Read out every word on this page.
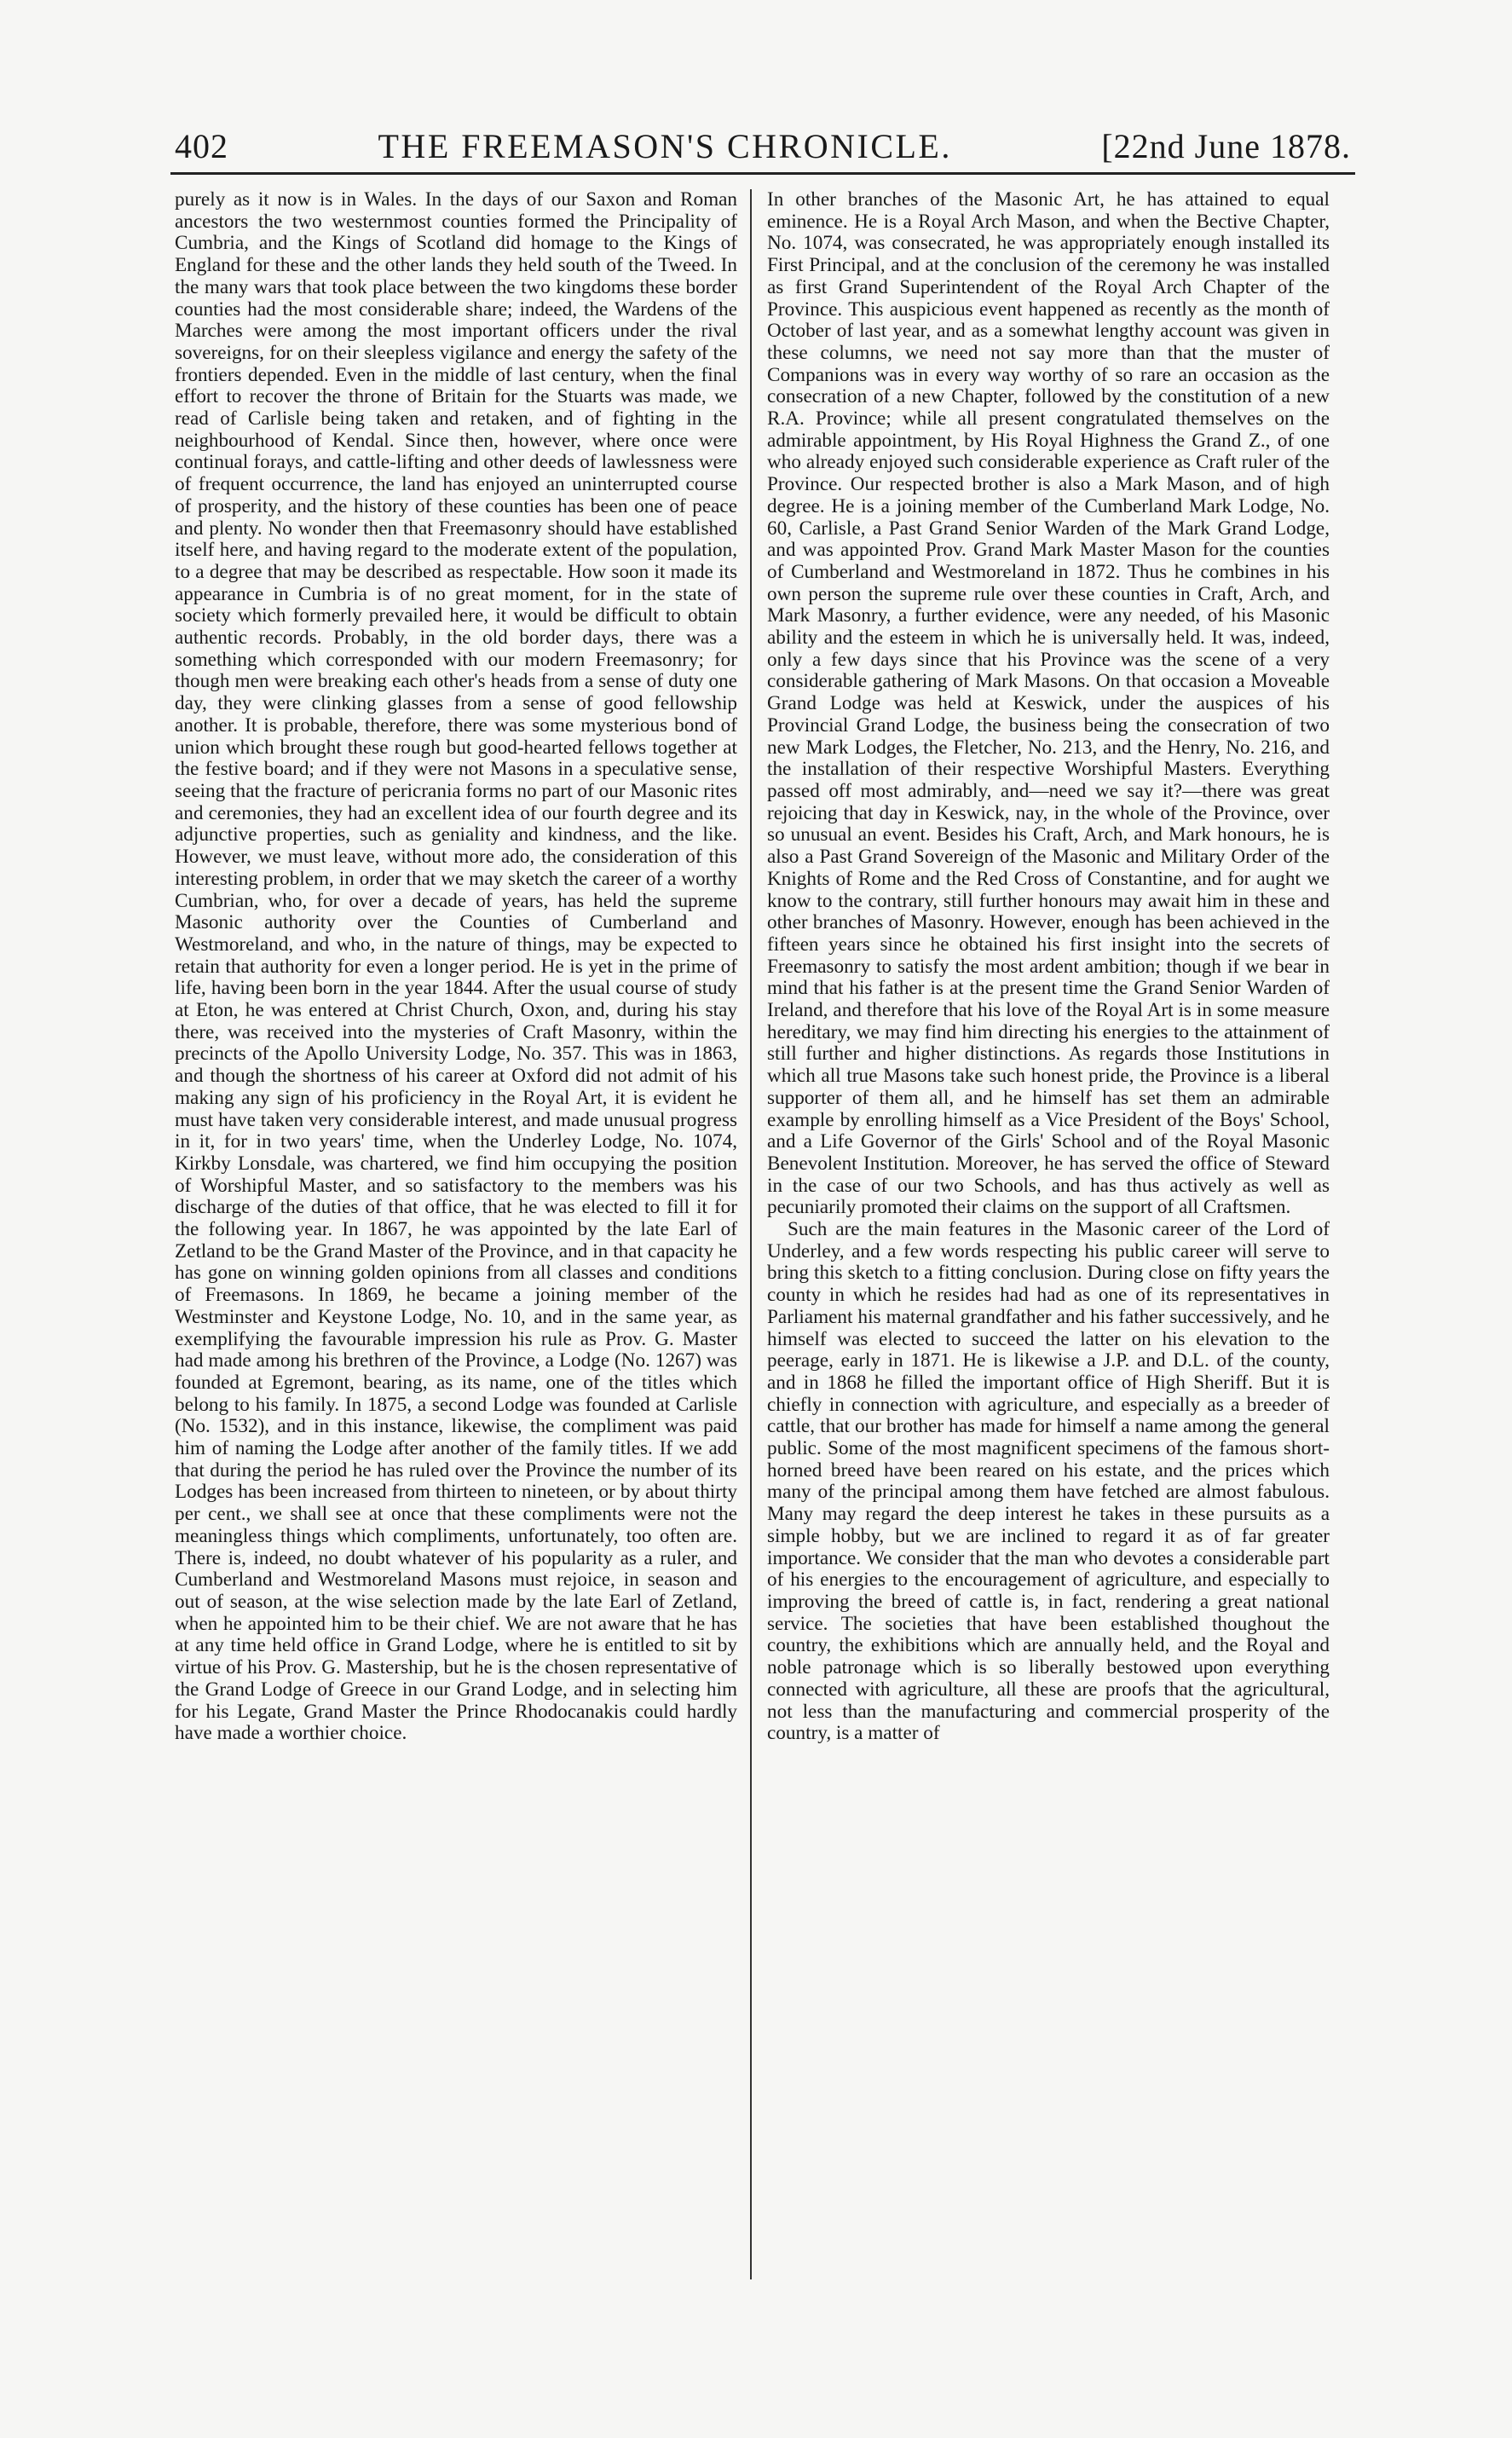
402	THE FREEMASON'S CHRONICLE.	[22nd June 1878.

purely as it now is in Wales. In the days of our Saxon and Roman ancestors the two westernmost counties formed the Principality of Cumbria, and the Kings of Scotland did homage to the Kings of England for these and the other lands they held south of the Tweed. In the many wars that took place between the two kingdoms these border counties had the most considerable share; indeed, the Wardens of the Marches were among the most important officers under the rival sovereigns, for on their sleepless vigilance and energy the safety of the frontiers depended. Even in the middle of last century, when the final effort to recover the throne of Britain for the Stuarts was made, we read of Carlisle being taken and retaken, and of fighting in the neighbourhood of Kendal. Since then, however, where once were continual forays, and cattle-lifting and other deeds of lawlessness were of frequent occurrence, the land has enjoyed an uninterrupted course of prosperity, and the history of these counties has been one of peace and plenty. No wonder then that Freemasonry should have established itself here, and having regard to the moderate extent of the population, to a degree that may be described as respectable. How soon it made its appearance in Cumbria is of no great moment, for in the state of society which formerly prevailed here, it would be difficult to obtain authentic records. Probably, in the old border days, there was a something which corresponded with our modern Freemasonry; for though men were breaking each other's heads from a sense of duty one day, they were clinking glasses from a sense of good fellowship another. It is probable, therefore, there was some mysterious bond of union which brought these rough but good-hearted fellows together at the festive board; and if they were not Masons in a speculative sense, seeing that the fracture of pericrania forms no part of our Masonic rites and ceremonies, they had an excellent idea of our fourth degree and its adjunctive properties, such as geniality and kindness, and the like. However, we must leave, without more ado, the consideration of this interesting problem, in order that we may sketch the career of a worthy Cumbrian, who, for over a decade of years, has held the supreme Masonic authority over the Counties of Cumberland and Westmoreland, and who, in the nature of things, may be expected to retain that authority for even a longer period. He is yet in the prime of life, having been born in the year 1844. After the usual course of study at Eton, he was entered at Christ Church, Oxon, and, during his stay there, was received into the mysteries of Craft Masonry, within the precincts of the Apollo University Lodge, No. 357. This was in 1863, and though the shortness of his career at Oxford did not admit of his making any sign of his proficiency in the Royal Art, it is evident he must have taken very considerable interest, and made unusual progress in it, for in two years' time, when the Underley Lodge, No. 1074, Kirkby Lonsdale, was chartered, we find him occupying the position of Worshipful Master, and so satisfactory to the members was his discharge of the duties of that office, that he was elected to fill it for the following year. In 1867, he was appointed by the late Earl of Zetland to be the Grand Master of the Province, and in that capacity he has gone on winning golden opinions from all classes and conditions of Freemasons. In 1869, he became a joining member of the Westminster and Keystone Lodge, No. 10, and in the same year, as exemplifying the favourable impression his rule as Prov. G. Master had made among his brethren of the Province, a Lodge (No. 1267) was founded at Egremont, bearing, as its name, one of the titles which belong to his family. In 1875, a second Lodge was founded at Carlisle (No. 1532), and in this instance, likewise, the compliment was paid him of naming the Lodge after another of the family titles. If we add that during the period he has ruled over the Province the number of its Lodges has been increased from thirteen to nineteen, or by about thirty per cent., we shall see at once that these compliments were not the meaningless things which compliments, unfortunately, too often are. There is, indeed, no doubt whatever of his popularity as a ruler, and Cumberland and Westmoreland Masons must rejoice, in season and out of season, at the wise selection made by the late Earl of Zetland, when he appointed him to be their chief. We are not aware that he has at any time held office in Grand Lodge, where he is entitled to sit by virtue of his Prov. G. Mastership, but he is the chosen representative of the Grand Lodge of Greece in our Grand Lodge, and in selecting him for his Legate, Grand Master the Prince Rhodocanakis could hardly have made a worthier choice.

In other branches of the Masonic Art, he has attained to equal eminence. He is a Royal Arch Mason, and when the Bective Chapter, No. 1074, was consecrated, he was appropriately enough installed its First Principal, and at the conclusion of the ceremony he was installed as first Grand Superintendent of the Royal Arch Chapter of the Province. This auspicious event happened as recently as the month of October of last year, and as a somewhat lengthy account was given in these columns, we need not say more than that the muster of Companions was in every way worthy of so rare an occasion as the consecration of a new Chapter, followed by the constitution of a new R.A. Province; while all present congratulated themselves on the admirable appointment, by His Royal Highness the Grand Z., of one who already enjoyed such considerable experience as Craft ruler of the Province. Our respected brother is also a Mark Mason, and of high degree. He is a joining member of the Cumberland Mark Lodge, No. 60, Carlisle, a Past Grand Senior Warden of the Mark Grand Lodge, and was appointed Prov. Grand Mark Master Mason for the counties of Cumberland and Westmoreland in 1872. Thus he combines in his own person the supreme rule over these counties in Craft, Arch, and Mark Masonry, a further evidence, were any needed, of his Masonic ability and the esteem in which he is universally held. It was, indeed, only a few days since that his Province was the scene of a very considerable gathering of Mark Masons. On that occasion a Moveable Grand Lodge was held at Keswick, under the auspices of his Provincial Grand Lodge, the business being the consecration of two new Mark Lodges, the Fletcher, No. 213, and the Henry, No. 216, and the installation of their respective Worshipful Masters. Everything passed off most admirably, and—need we say it?—there was great rejoicing that day in Keswick, nay, in the whole of the Province, over so unusual an event. Besides his Craft, Arch, and Mark honours, he is also a Past Grand Sovereign of the Masonic and Military Order of the Knights of Rome and the Red Cross of Constantine, and for aught we know to the contrary, still further honours may await him in these and other branches of Masonry. However, enough has been achieved in the fifteen years since he obtained his first insight into the secrets of Freemasonry to satisfy the most ardent ambition; though if we bear in mind that his father is at the present time the Grand Senior Warden of Ireland, and therefore that his love of the Royal Art is in some measure hereditary, we may find him directing his energies to the attainment of still further and higher distinctions. As regards those Institutions in which all true Masons take such honest pride, the Province is a liberal supporter of them all, and he himself has set them an admirable example by enrolling himself as a Vice President of the Boys' School, and a Life Governor of the Girls' School and of the Royal Masonic Benevolent Institution. Moreover, he has served the office of Steward in the case of our two Schools, and has thus actively as well as pecuniarily promoted their claims on the support of all Craftsmen.

Such are the main features in the Masonic career of the Lord of Underley, and a few words respecting his public career will serve to bring this sketch to a fitting conclusion. During close on fifty years the county in which he resides had had as one of its representatives in Parliament his maternal grandfather and his father successively, and he himself was elected to succeed the latter on his elevation to the peerage, early in 1871. He is likewise a J.P. and D.L. of the county, and in 1868 he filled the important office of High Sheriff. But it is chiefly in connection with agriculture, and especially as a breeder of cattle, that our brother has made for himself a name among the general public. Some of the most magnificent specimens of the famous short-horned breed have been reared on his estate, and the prices which many of the principal among them have fetched are almost fabulous. Many may regard the deep interest he takes in these pursuits as a simple hobby, but we are inclined to regard it as of far greater importance. We consider that the man who devotes a considerable part of his energies to the encouragement of agriculture, and especially to improving the breed of cattle is, in fact, rendering a great national service. The societies that have been established thoughout the country, the exhibitions which are annually held, and the Royal and noble patronage which is so liberally bestowed upon everything connected with agriculture, all these are proofs that the agricultural, not less than the manufacturing and commercial prosperity of the country, is a matter of
